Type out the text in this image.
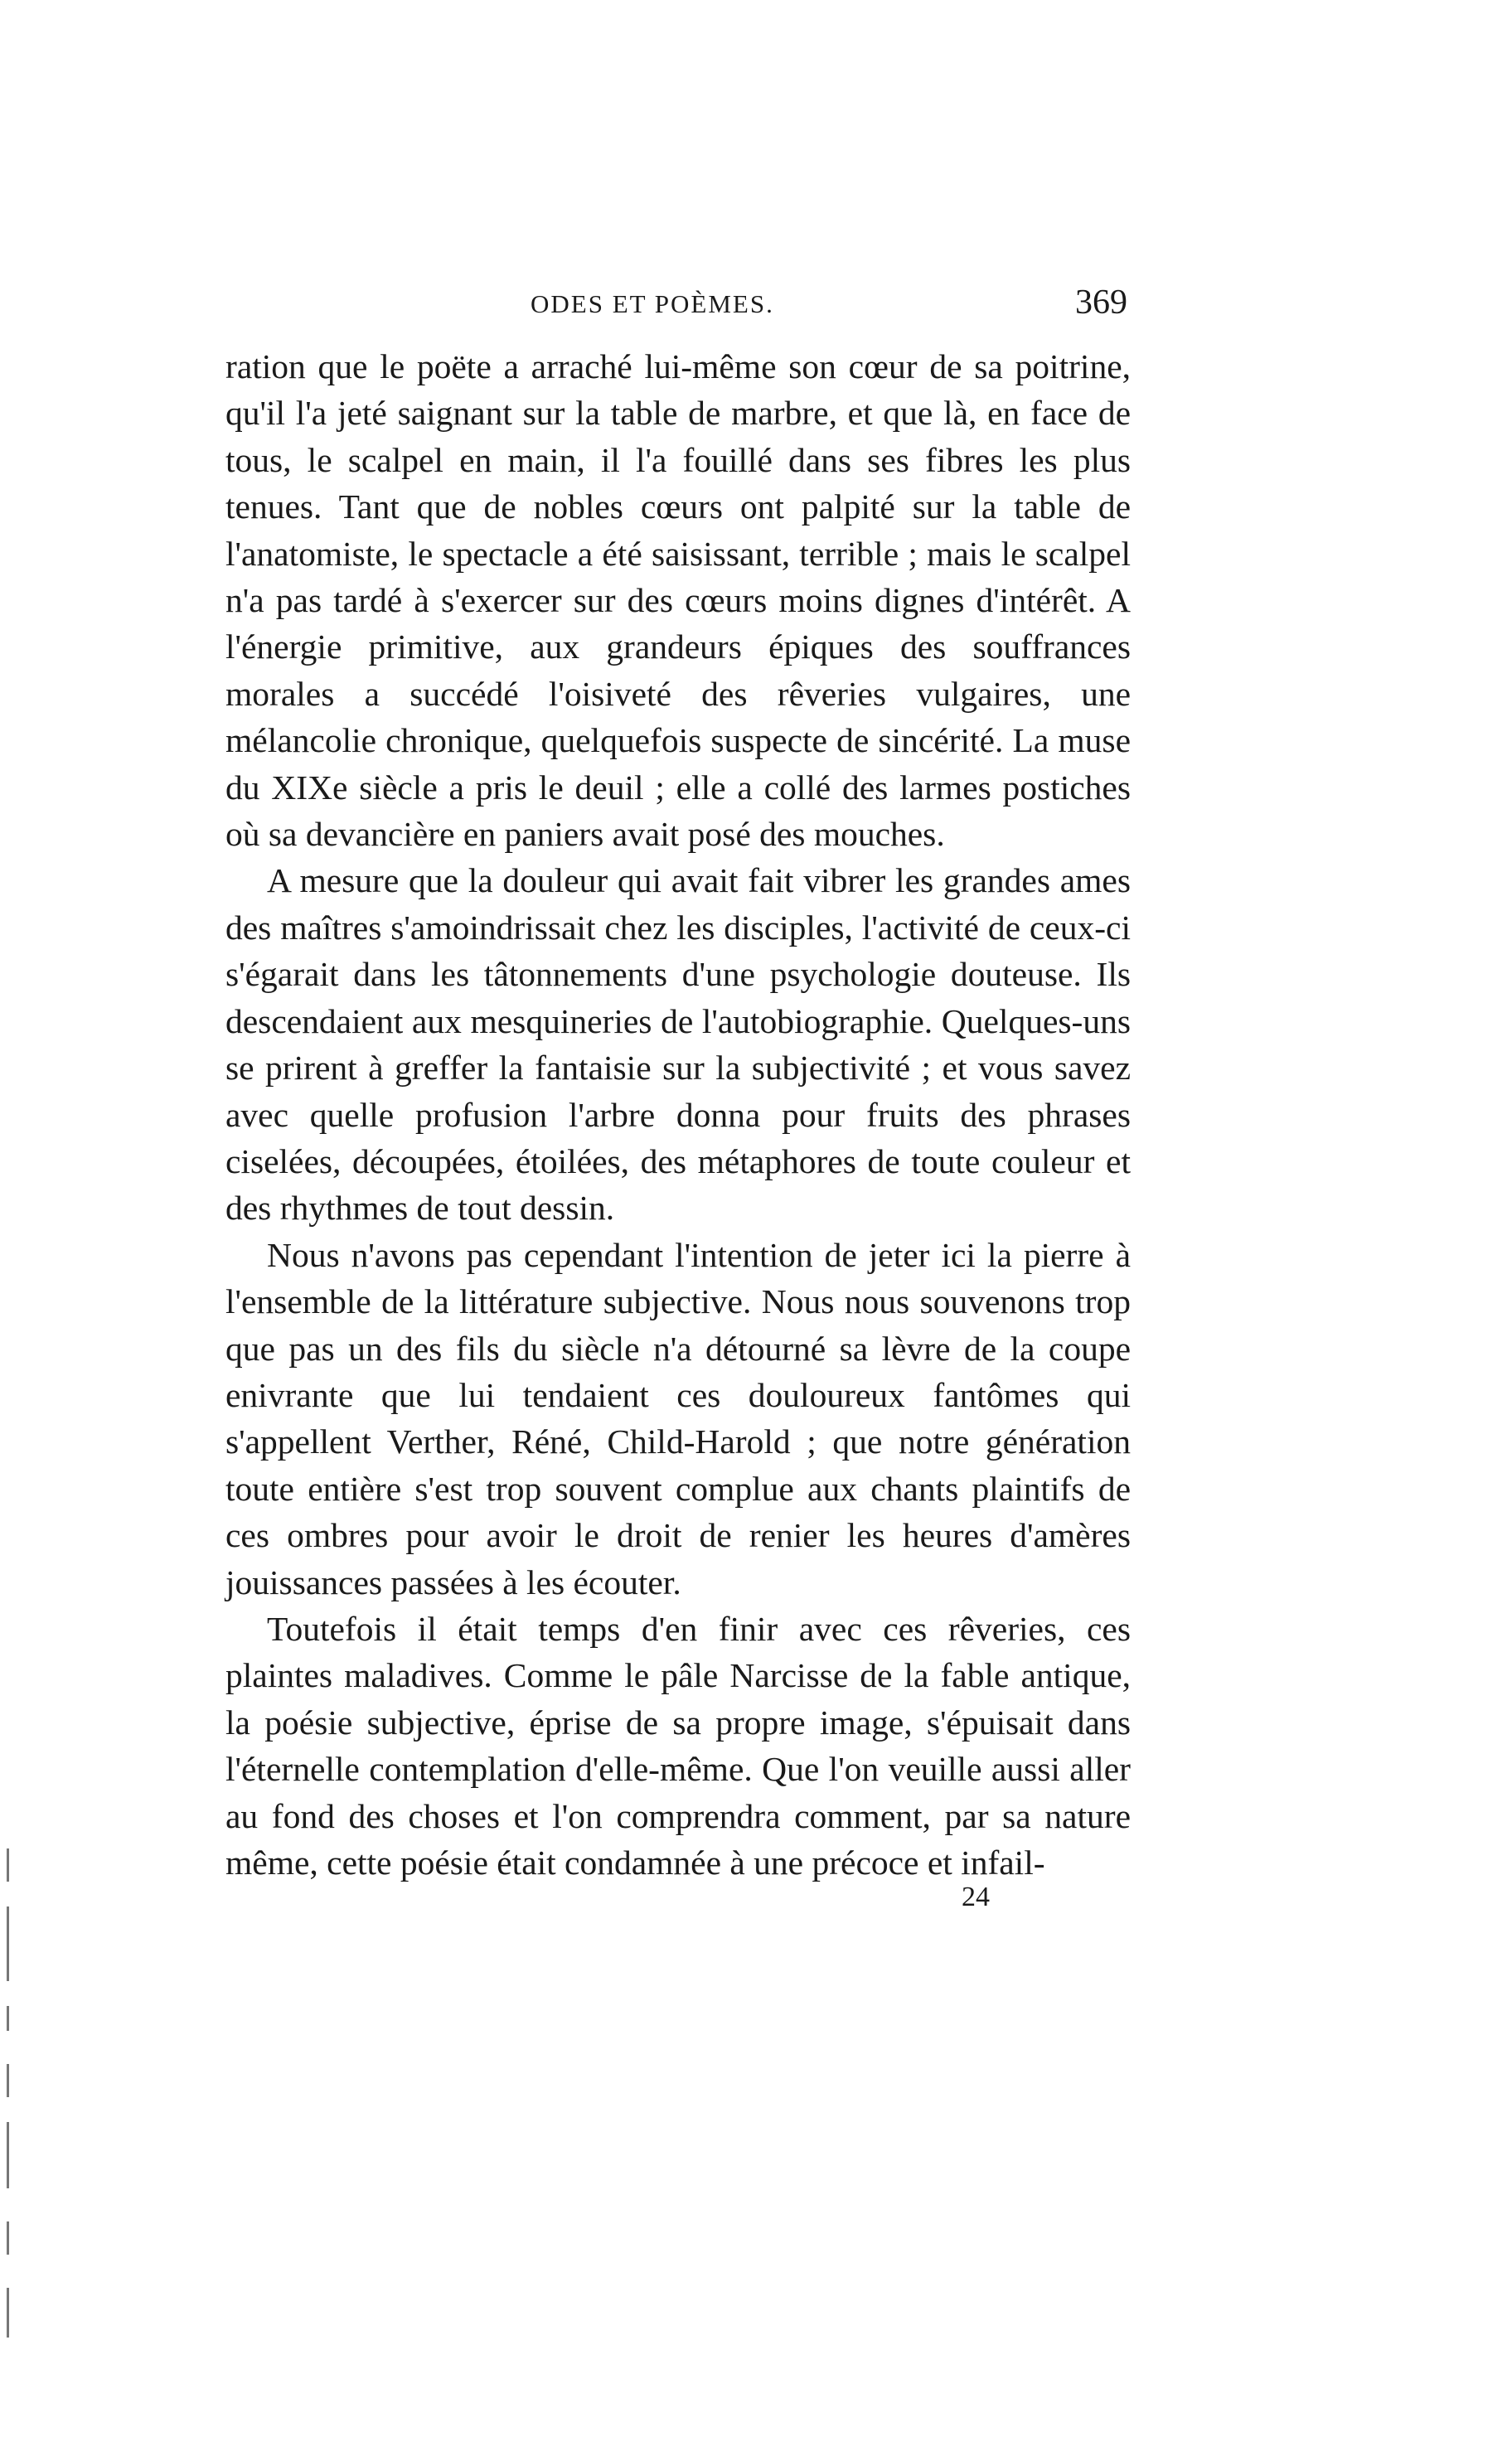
ODES ET POÈMES.	369

ration que le poëte a arraché lui-même son cœur de sa poitrine, qu'il l'a jeté saignant sur la table de marbre, et que là, en face de tous, le scalpel en main, il l'a fouillé dans ses fibres les plus tenues. Tant que de nobles cœurs ont palpité sur la table de l'anatomiste, le spectacle a été saisissant, terrible ; mais le scalpel n'a pas tardé à s'exercer sur des cœurs moins dignes d'intérêt. A l'énergie primitive, aux grandeurs épiques des souffrances morales a succédé l'oisiveté des rêveries vulgaires, une mélancolie chronique, quelquefois suspecte de sincérité. La muse du XIXe siècle a pris le deuil ; elle a collé des larmes postiches où sa devancière en paniers avait posé des mouches.

A mesure que la douleur qui avait fait vibrer les grandes ames des maîtres s'amoindrissait chez les disciples, l'activité de ceux-ci s'égarait dans les tâtonnements d'une psychologie douteuse. Ils descendaient aux mesquineries de l'autobiographie. Quelques-uns se prirent à greffer la fantaisie sur la subjectivité ; et vous savez avec quelle profusion l'arbre donna pour fruits des phrases ciselées, découpées, étoilées, des métaphores de toute couleur et des rhythmes de tout dessin.

Nous n'avons pas cependant l'intention de jeter ici la pierre à l'ensemble de la littérature subjective. Nous nous souvenons trop que pas un des fils du siècle n'a détourné sa lèvre de la coupe enivrante que lui tendaient ces douloureux fantômes qui s'appellent Verther, Réné, Child-Harold ; que notre génération toute entière s'est trop souvent complue aux chants plaintifs de ces ombres pour avoir le droit de renier les heures d'amères jouissances passées à les écouter.

Toutefois il était temps d'en finir avec ces rêveries, ces plaintes maladives. Comme le pâle Narcisse de la fable antique, la poésie subjective, éprise de sa propre image, s'épuisait dans l'éternelle contemplation d'elle-même. Que l'on veuille aussi aller au fond des choses et l'on comprendra comment, par sa nature même, cette poésie était condamnée à une précoce et infail-

24
